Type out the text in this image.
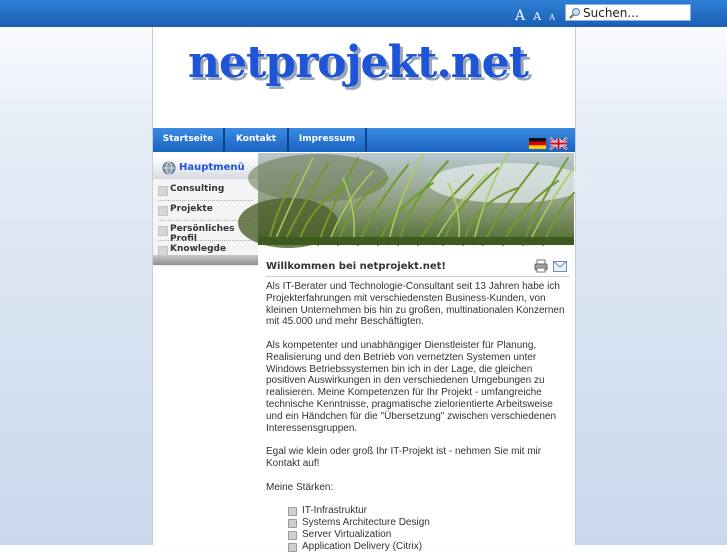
A A A
Suchen...
netprojekt.net
Startseite	Kontakt	Impressum
Hauptmenü
Consulting
Projekte
Persönliches Profil
Knowlegde
Willkommen bei netprojekt.net!

Als IT-Berater und Technologie-Consultant seit 13 Jahren habe ich Projekterfahrungen mit verschiedensten Business-Kunden, von kleinen Unternehmen bis hin zu großen, multinationalen Konzernen mit 45.000 und mehr Beschäftigten.

Als kompetenter und unabhängiger Dienstleister für Planung, Realisierung und den Betrieb von vernetzten Systemen unter Windows Betriebssystemen bin ich in der Lage, die gleichen positiven Auswirkungen in den verschiedenen Umgebungen zu realisieren. Meine Kompetenzen für Ihr Projekt - umfangreiche technische Kenntnisse, pragmatische zielorientierte Arbeitsweise und ein Händchen für die "Übersetzung" zwischen verschiedenen Interessensgruppen.

Egal wie klein oder groß Ihr IT-Projekt ist - nehmen Sie mit mir Kontakt auf!

Meine Stärken:

IT-Infrastruktur
Systems Architecture Design
Server Virtualization
Application Delivery (Citrix)
